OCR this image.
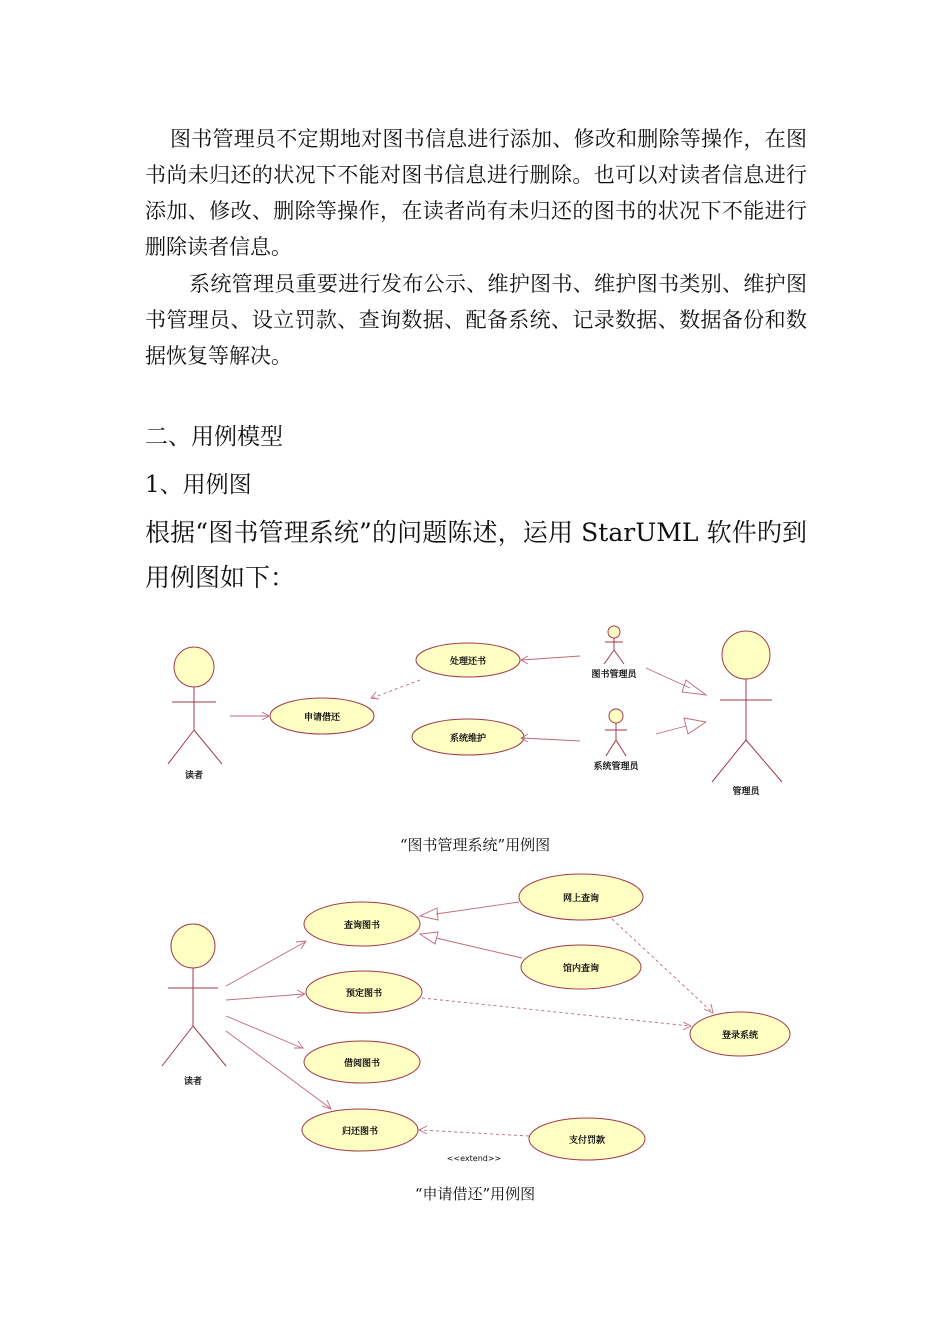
图书管理员不定期地对图书信息进行添加、修改和删除等操作，在图书尚未归还的状况下不能对图书信息进行删除。也可以对读者信息进行添加、修改、删除等操作，在读者尚有未归还的图书的状况下不能进行删除读者信息。

系统管理员重要进行发布公示、维护图书、维护图书类别、维护图书管理员、设立罚款、查询数据、配备系统、记录数据、数据备份和数据恢复等解决。

二、用例模型

1、用例图

根据“图书管理系统”的问题陈述，运用 StarUML 软件旳到用例图如下：

读者
图书管理员
系统管理员
管理员
处理还书
申请借还
系统维护

“图书管理系统”用例图

读者
网上查询
查询图书
馆内查询
预定图书
登录系统
借阅图书
归还图书
支付罚款
<<extend>>

“申请借还”用例图
